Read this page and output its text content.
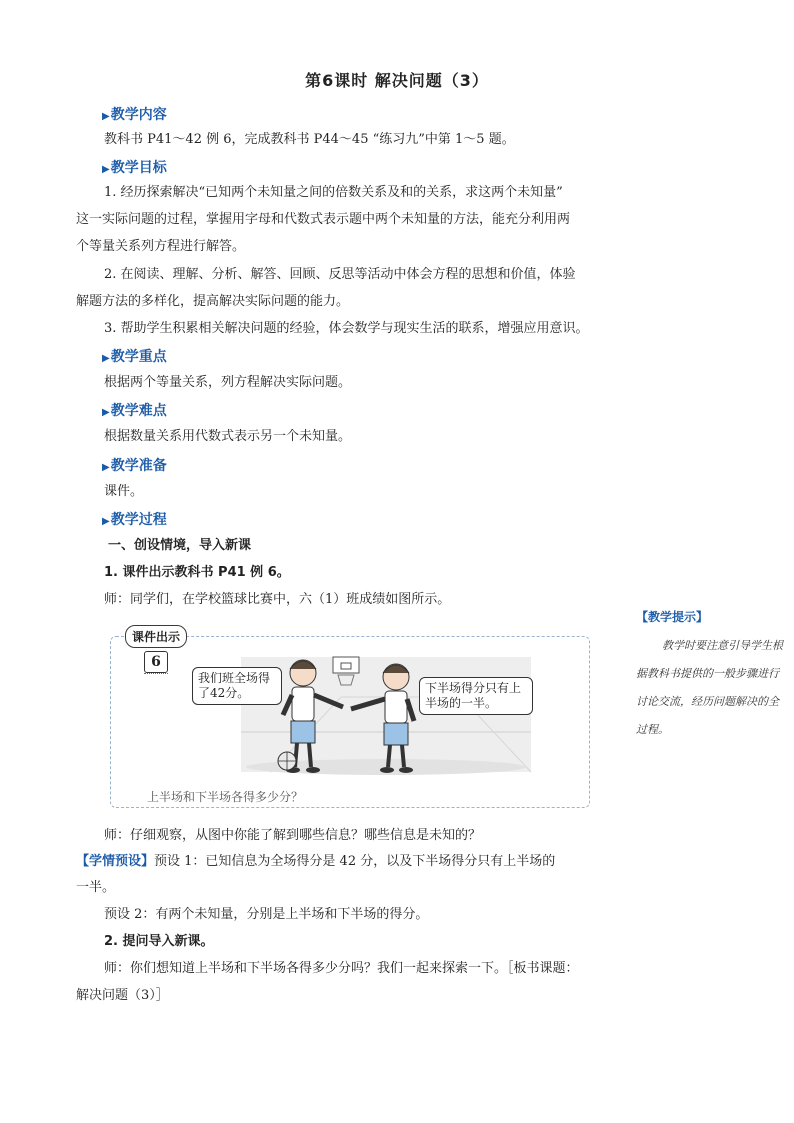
第6课时 解决问题（3）
▶教学内容
教科书 P41～42 例 6，完成教科书 P44～45 “练习九”中第 1～5 题。
▶教学目标
1. 经历探索解决“已知两个未知量之间的倍数关系及和的关系，求这两个未知量”
这一实际问题的过程，掌握用字母和代数式表示题中两个未知量的方法，能充分利用两
个等量关系列方程进行解答。
2. 在阅读、理解、分析、解答、回顾、反思等活动中体会方程的思想和价值，体验
解题方法的多样化，提高解决实际问题的能力。
3. 帮助学生积累相关解决问题的经验，体会数学与现实生活的联系，增强应用意识。
▶教学重点
根据两个等量关系，列方程解决实际问题。
▶教学难点
根据数量关系用代数式表示另一个未知量。
▶教学准备
课件。
▶教学过程
一、创设情境，导入新课
1. 课件出示教科书 P41 例 6。
师：同学们，在学校篮球比赛中，六（1）班成绩如图所示。
课件出示
6
我们班全场得了42分。	下半场得分只有上半场的一半。
上半场和下半场各得多少分？
师：仔细观察，从图中你能了解到哪些信息？哪些信息是未知的？
【学情预设】预设 1：已知信息为全场得分是 42 分，以及下半场得分只有上半场的
一半。
预设 2：有两个未知量，分别是上半场和下半场的得分。
2. 提问导入新课。
师：你们想知道上半场和下半场各得多少分吗？我们一起来探索一下。［板书课题：
解决问题（3）］
【教学提示】
教学时要注意引导学生根据教科书提供的一般步骤进行讨论交流，经历问题解决的全过程。
